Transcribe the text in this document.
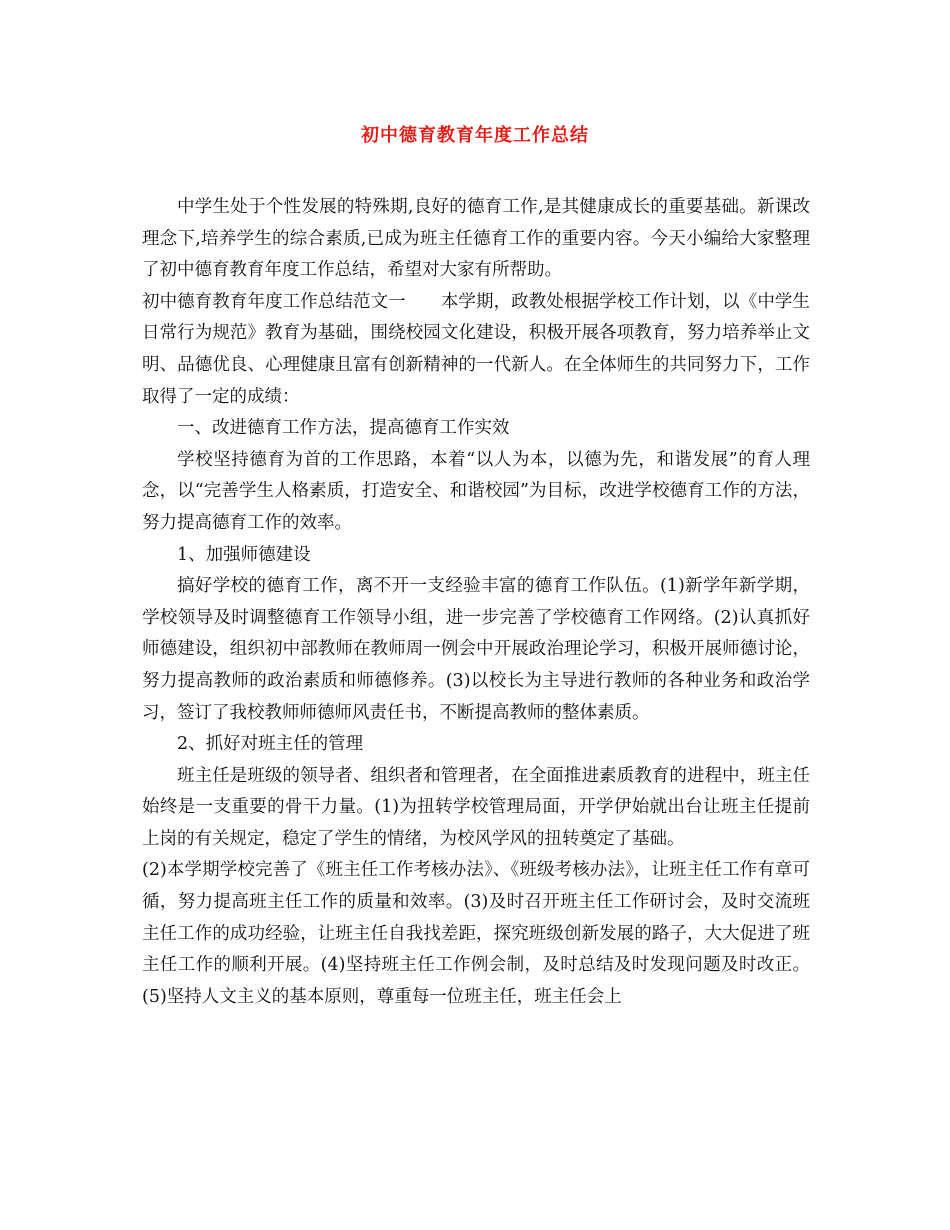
初中德育教育年度工作总结

中学生处于个性发展的特殊期,良好的德育工作,是其健康成长的重要基础。新课改理念下,培养学生的综合素质,已成为班主任德育工作的重要内容。今天小编给大家整理了初中德育教育年度工作总结，希望对大家有所帮助。

初中德育教育年度工作总结范文一 本学期，政教处根据学校工作计划，以《中学生日常行为规范》教育为基础，围绕校园文化建设，积极开展各项教育，努力培养举止文明、品德优良、心理健康且富有创新精神的一代新人。在全体师生的共同努力下，工作取得了一定的成绩：

一、改进德育工作方法，提高德育工作实效

学校坚持德育为首的工作思路，本着“以人为本，以德为先，和谐发展”的育人理念，以“完善学生人格素质，打造安全、和谐校园”为目标，改进学校德育工作的方法，努力提高德育工作的效率。

1、加强师德建设

搞好学校的德育工作，离不开一支经验丰富的德育工作队伍。(1)新学年新学期，学校领导及时调整德育工作领导小组，进一步完善了学校德育工作网络。(2)认真抓好师德建设，组织初中部教师在教师周一例会中开展政治理论学习，积极开展师德讨论，努力提高教师的政治素质和师德修养。(3)以校长为主导进行教师的各种业务和政治学习，签订了我校教师师德师风责任书，不断提高教师的整体素质。

2、抓好对班主任的管理

班主任是班级的领导者、组织者和管理者，在全面推进素质教育的进程中，班主任始终是一支重要的骨干力量。(1)为扭转学校管理局面，开学伊始就出台让班主任提前上岗的有关规定，稳定了学生的情绪，为校风学风的扭转奠定了基础。

(2)本学期学校完善了《班主任工作考核办法》、《班级考核办法》，让班主任工作有章可循，努力提高班主任工作的质量和效率。(3)及时召开班主任工作研讨会，及时交流班主任工作的成功经验，让班主任自我找差距，探究班级创新发展的路子，大大促进了班主任工作的顺利开展。(4)坚持班主任工作例会制，及时总结及时发现问题及时改正。(5)坚持人文主义的基本原则，尊重每一位班主任，班主任会上
